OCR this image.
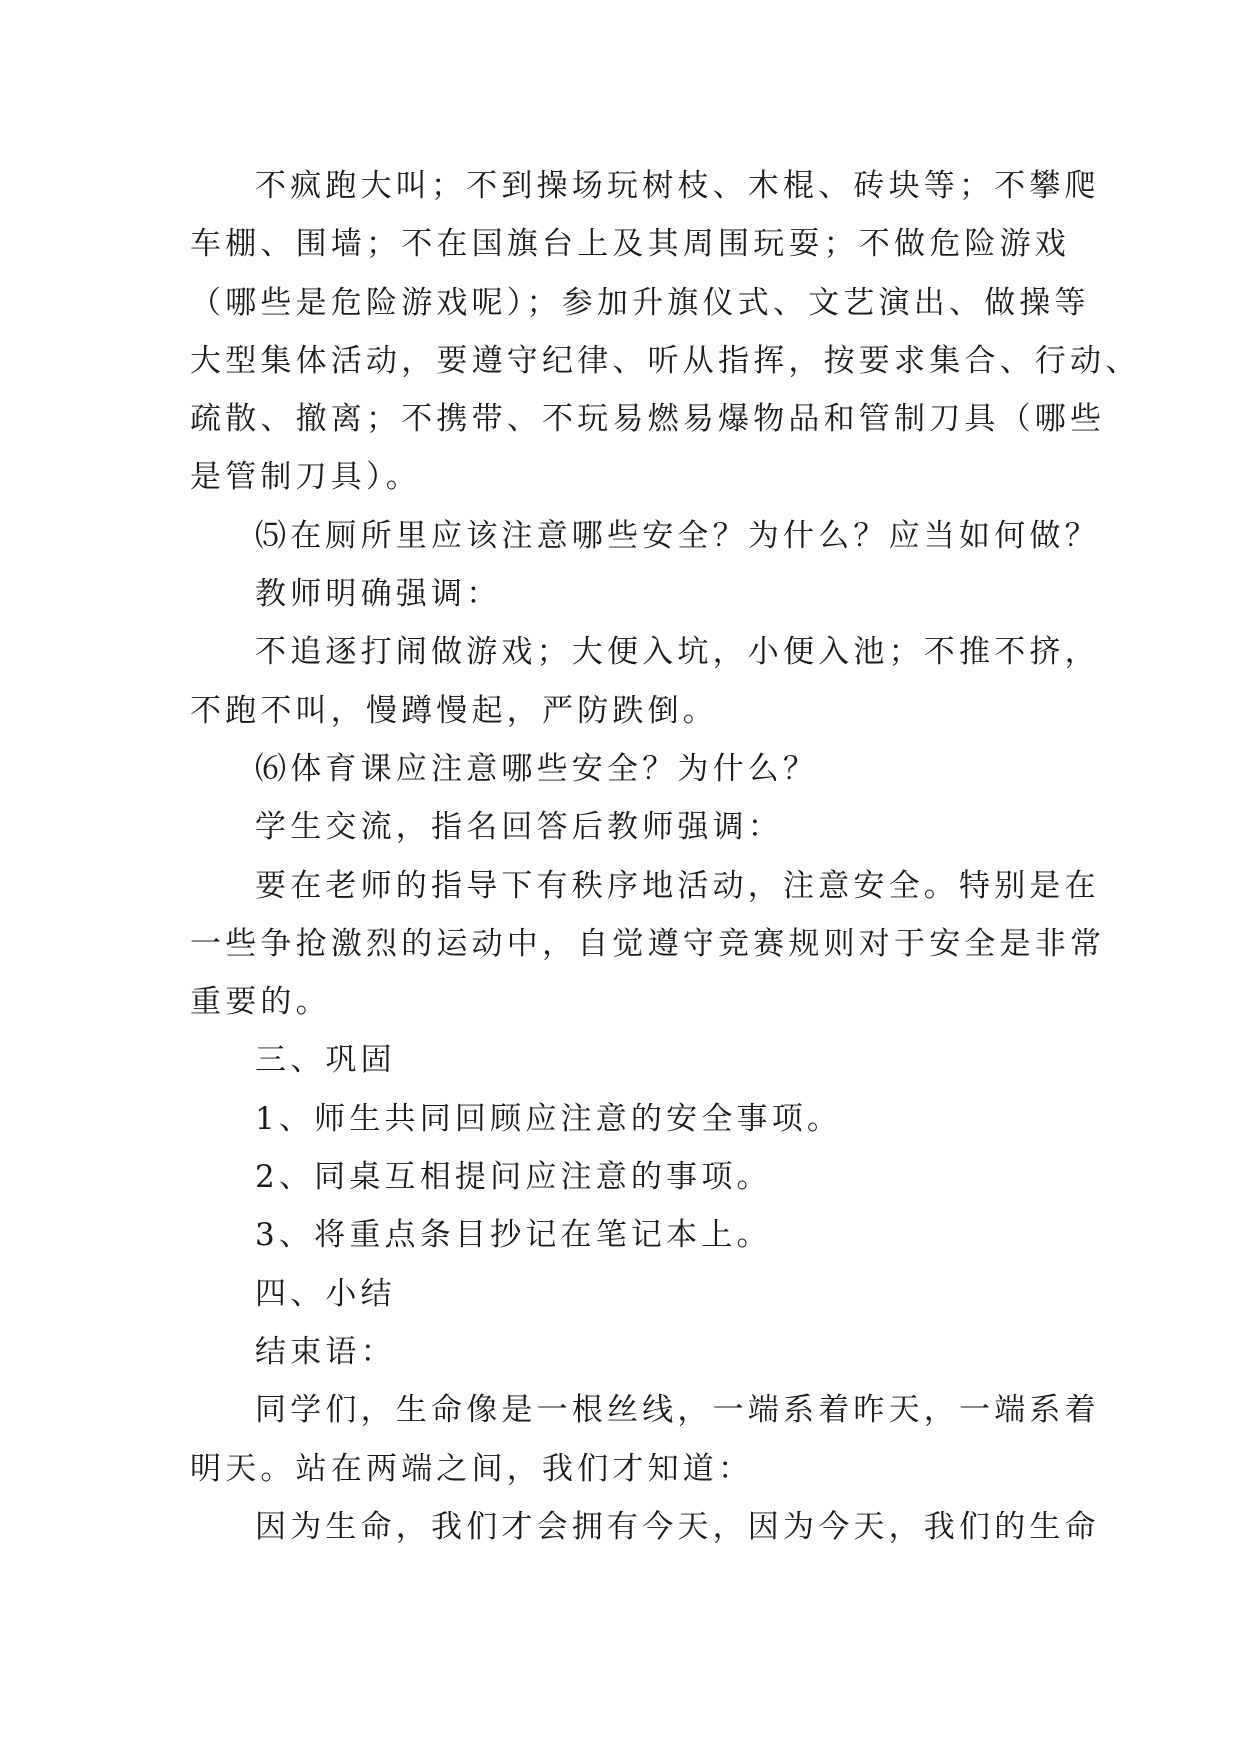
不疯跑大叫；不到操场玩树枝、木棍、砖块等；不攀爬
车棚、围墙；不在国旗台上及其周围玩耍；不做危险游戏
（哪些是危险游戏呢）；参加升旗仪式、文艺演出、做操等
大型集体活动，要遵守纪律、听从指挥，按要求集合、行动、
疏散、撤离；不携带、不玩易燃易爆物品和管制刀具（哪些
是管制刀具）。
⑸在厕所里应该注意哪些安全？为什么？应当如何做？
教师明确强调：
不追逐打闹做游戏；大便入坑，小便入池；不推不挤，
不跑不叫，慢蹲慢起，严防跌倒。
⑹体育课应注意哪些安全？为什么？
学生交流，指名回答后教师强调：
要在老师的指导下有秩序地活动，注意安全。特别是在
一些争抢激烈的运动中，自觉遵守竞赛规则对于安全是非常
重要的。
三、巩固
1、师生共同回顾应注意的安全事项。
2、同桌互相提问应注意的事项。
3、将重点条目抄记在笔记本上。
四、小结
结束语：
同学们，生命像是一根丝线，一端系着昨天，一端系着
明天。站在两端之间，我们才知道：
因为生命，我们才会拥有今天，因为今天，我们的生命
